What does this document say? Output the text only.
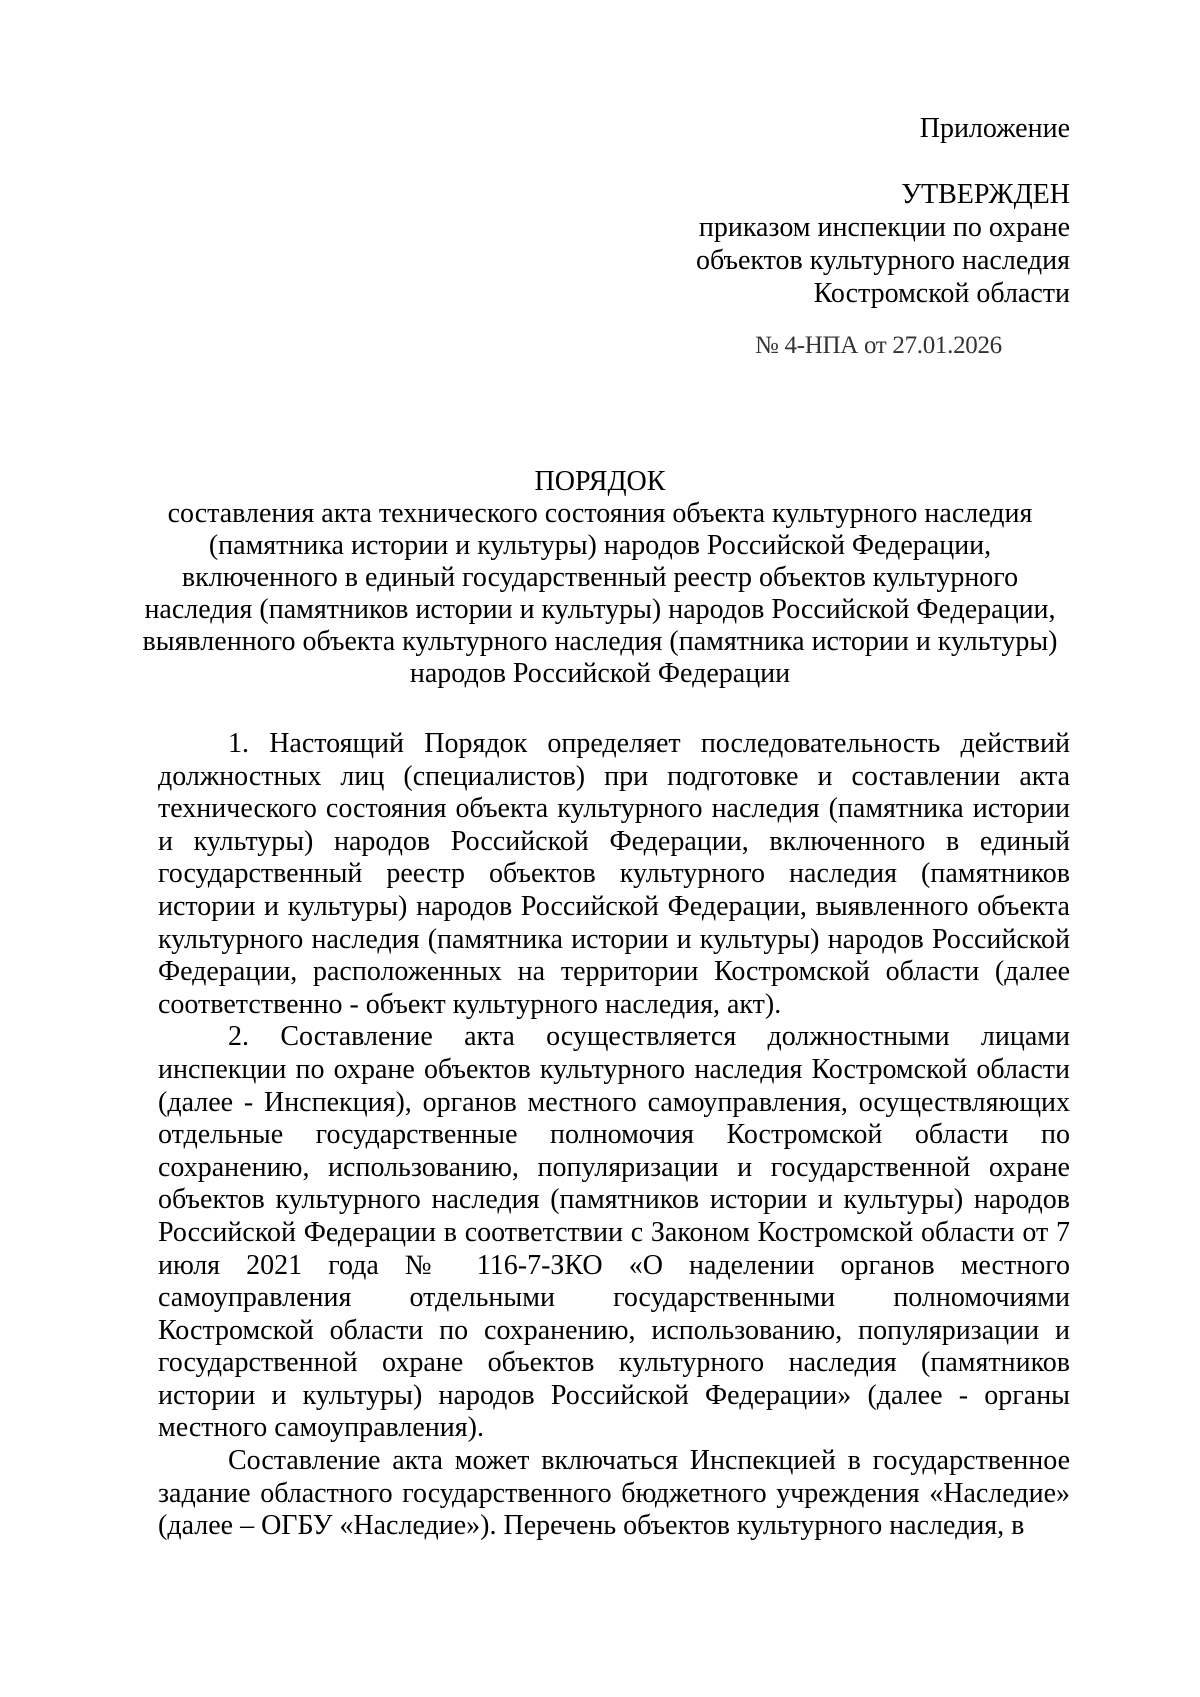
Приложение
УТВЕРЖДЕН
приказом инспекции по охране
объектов культурного наследия
Костромской области
№ 4-НПА от 27.01.2026
ПОРЯДОК
составления акта технического состояния объекта культурного наследия (памятника истории и культуры) народов Российской Федерации, включенного в единый государственный реестр объектов культурного наследия (памятников истории и культуры) народов Российской Федерации, выявленного объекта культурного наследия (памятника истории и культуры) народов Российской Федерации

1. Настоящий Порядок определяет последовательность действий должностных лиц (специалистов) при подготовке и составлении акта технического состояния объекта культурного наследия (памятника истории и культуры) народов Российской Федерации, включенного в единый государственный реестр объектов культурного наследия (памятников истории и культуры) народов Российской Федерации, выявленного объекта культурного наследия (памятника истории и культуры) народов Российской Федерации, расположенных на территории Костромской области (далее соответственно - объект культурного наследия, акт).

2. Составление акта осуществляется должностными лицами инспекции по охране объектов культурного наследия Костромской области (далее - Инспекция), органов местного самоуправления, осуществляющих отдельные государственные полномочия Костромской области по сохранению, использованию, популяризации и государственной охране объектов культурного наследия (памятников истории и культуры) народов Российской Федерации в соответствии с Законом Костромской области от 7 июля 2021 года № 116-7-ЗКО «О наделении органов местного самоуправления отдельными государственными полномочиями Костромской области по сохранению, использованию, популяризации и государственной охране объектов культурного наследия (памятников истории и культуры) народов Российской Федерации» (далее - органы местного самоуправления).

Составление акта может включаться Инспекцией в государственное задание областного государственного бюджетного учреждения «Наследие» (далее – ОГБУ «Наследие»). Перечень объектов культурного наследия, в
